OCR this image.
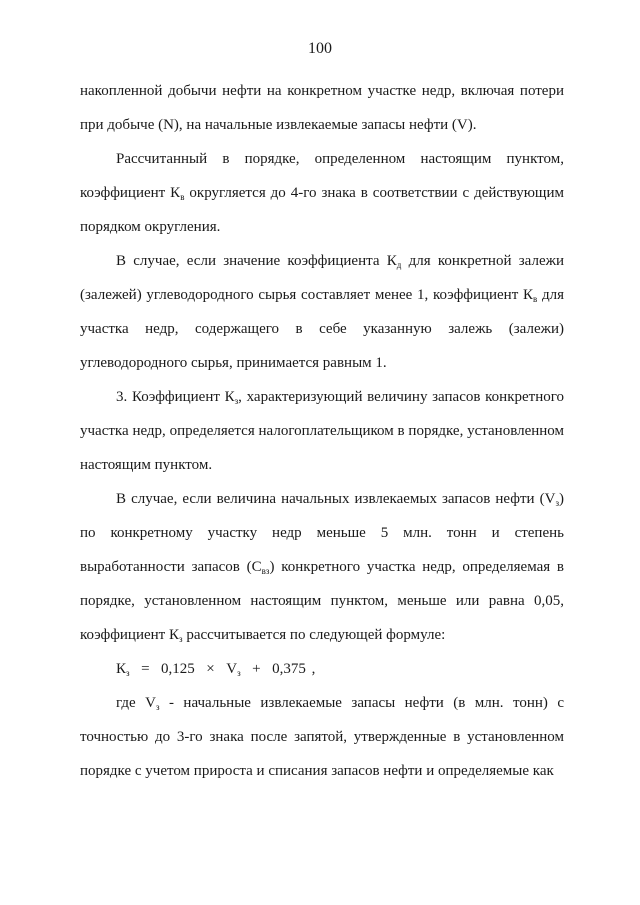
100

накопленной добычи нефти на конкретном участке недр, включая потери при добыче (N), на начальные извлекаемые запасы нефти (V).

Рассчитанный в порядке, определенном настоящим пунктом, коэффициент $К_в$ округляется до 4-го знака в соответствии с действующим порядком округления.

В случае, если значение коэффициента $К_д$ для конкретной залежи (залежей) углеводородного сырья составляет менее 1, коэффициент $К_в$ для участка недр, содержащего в себе указанную залежь (залежи) углеводородного сырья, принимается равным 1.

3. Коэффициент $К_з$, характеризующий величину запасов конкретного участка недр, определяется налогоплательщиком в порядке, установленном настоящим пунктом.

В случае, если величина начальных извлекаемых запасов нефти $(V_з)$ по конкретному участку недр меньше 5 млн. тонн и степень выработанности запасов $(С_{вз})$ конкретного участка недр, определяемая в порядке, установленном настоящим пунктом, меньше или равна 0,05, коэффициент $К_з$ рассчитывается по следующей формуле:

$К_з = 0,125 \times V_з + 0,375$ ,

где $V_з$ - начальные извлекаемые запасы нефти (в млн. тонн) с точностью до 3-го знака после запятой, утвержденные в установленном порядке с учетом прироста и списания запасов нефти и определяемые как
